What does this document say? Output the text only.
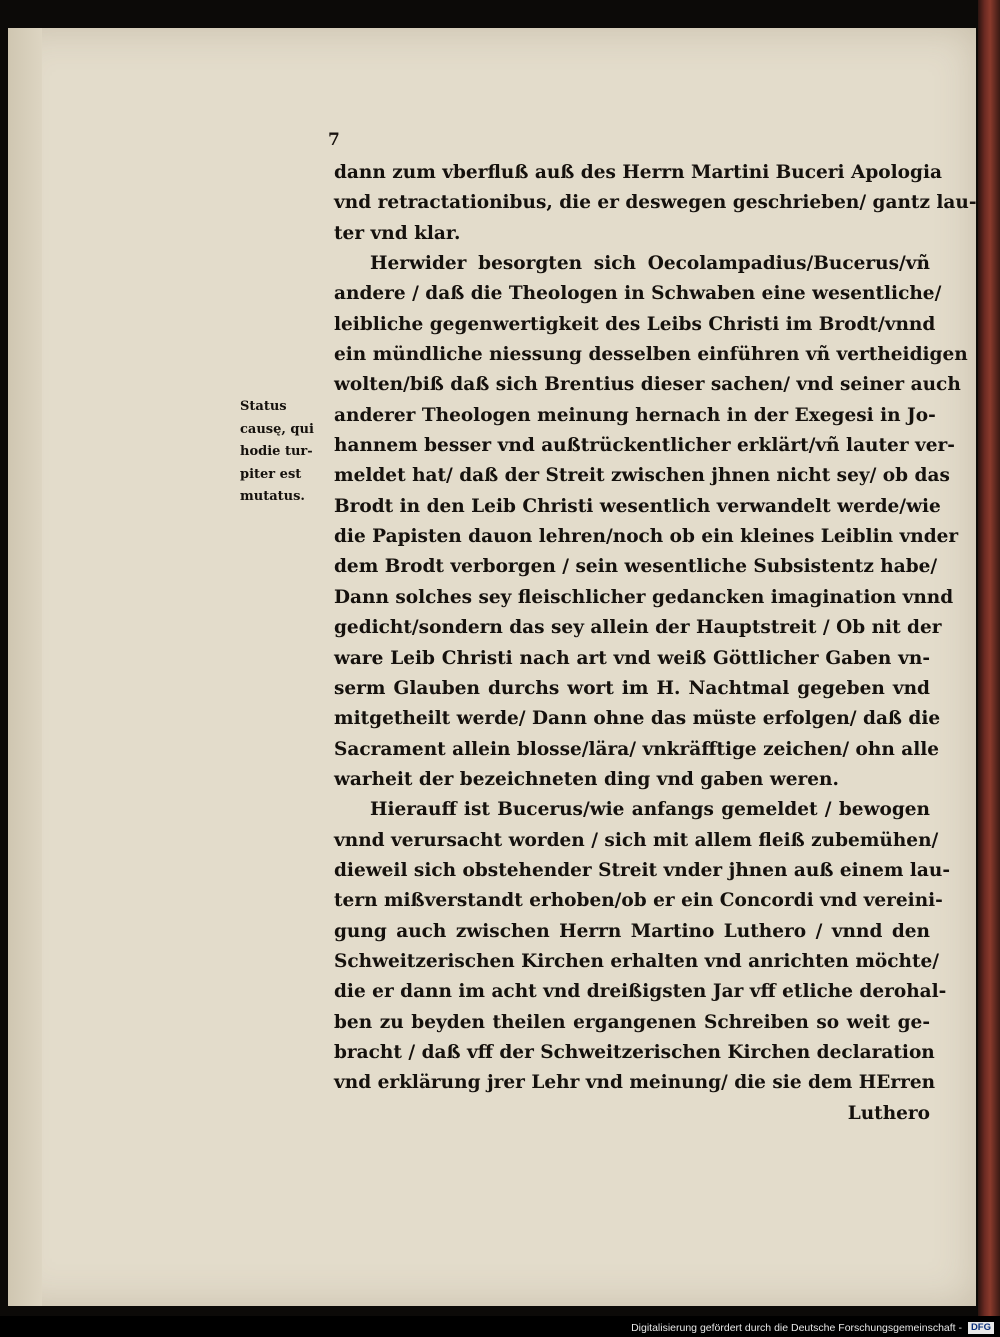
7
Status
causę, qui
hodie tur-
piter est
mutatus.
dann zum vberfluß auß des Herrn Martini Buceri Apologia
vnd retractationibus, die er deswegen geschrieben/ gantz lau-
ter vnd klar.
Herwider besorgten sich Oecolampadius/Bucerus/vñ
andere / daß die Theologen in Schwaben eine wesentliche/
leibliche gegenwertigkeit des Leibs Christi im Brodt/vnnd
ein mündliche niessung desselben einführen vñ vertheidigen
wolten/biß daß sich Brentius dieser sachen/ vnd seiner auch
anderer Theologen meinung hernach in der Exegesi in Jo-
hannem besser vnd außtrückentlicher erklärt/vñ lauter ver-
meldet hat/ daß der Streit zwischen jhnen nicht sey/ ob das
Brodt in den Leib Christi wesentlich verwandelt werde/wie
die Papisten dauon lehren/noch ob ein kleines Leiblin vnder
dem Brodt verborgen / sein wesentliche Subsistentz habe/
Dann solches sey fleischlicher gedancken imagination vnnd
gedicht/sondern das sey allein der Hauptstreit / Ob nit der
ware Leib Christi nach art vnd weiß Göttlicher Gaben vn-
serm Glauben durchs wort im H. Nachtmal gegeben vnd
mitgetheilt werde/ Dann ohne das müste erfolgen/ daß die
Sacrament allein blosse/lära/ vnkräfftige zeichen/ ohn alle
warheit der bezeichneten ding vnd gaben weren.
Hierauff ist Bucerus/wie anfangs gemeldet / bewogen
vnnd verursacht worden / sich mit allem fleiß zubemühen/
dieweil sich obstehender Streit vnder jhnen auß einem lau-
tern mißverstandt erhoben/ob er ein Concordi vnd vereini-
gung auch zwischen Herrn Martino Luthero / vnnd den
Schweitzerischen Kirchen erhalten vnd anrichten möchte/
die er dann im acht vnd dreißigsten Jar vff etliche derohal-
ben zu beyden theilen ergangenen Schreiben so weit ge-
bracht / daß vff der Schweitzerischen Kirchen declaration
vnd erklärung jrer Lehr vnd meinung/ die sie dem HErren
Luthero
Digitalisierung gefördert durch die Deutsche Forschungsgemeinschaft - DFG
